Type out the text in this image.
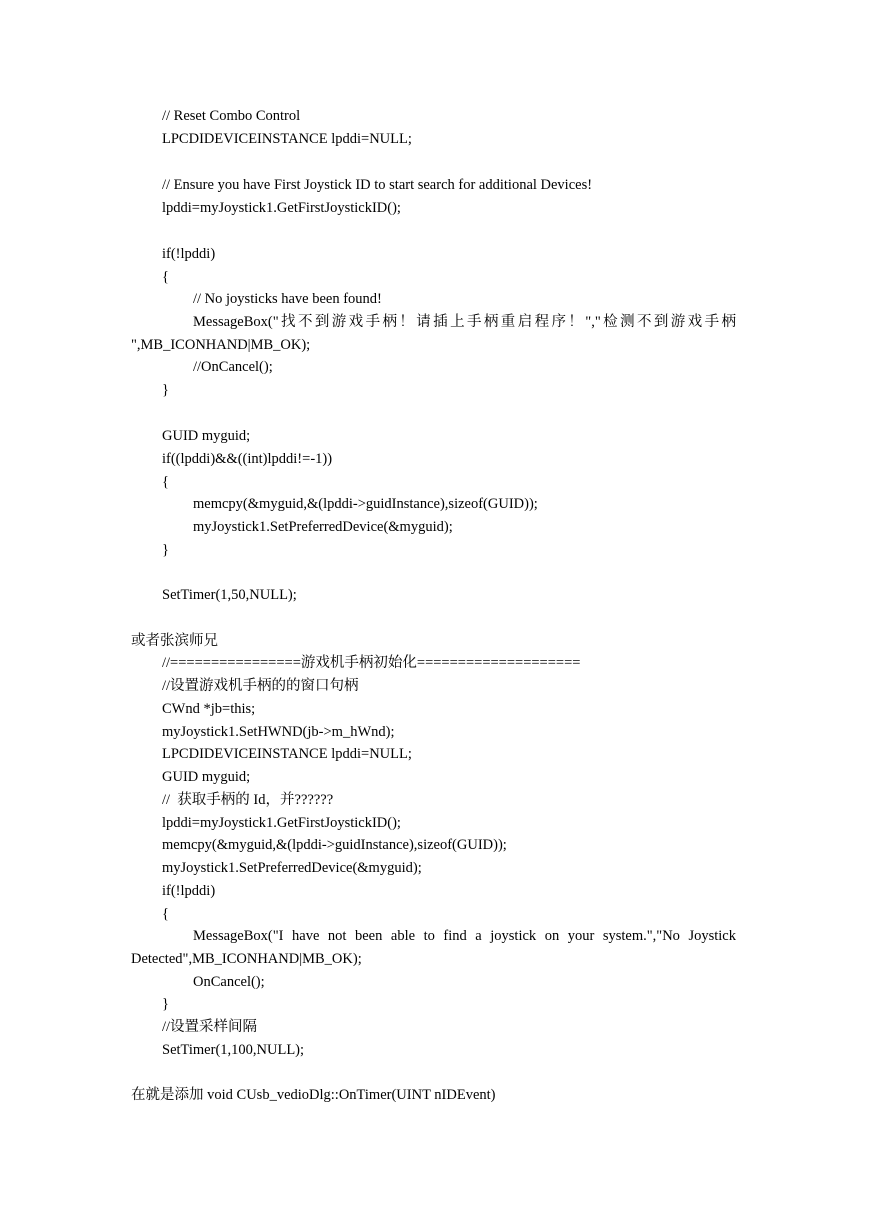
// Reset Combo Control
LPCDIDEVICEINSTANCE lpddi=NULL;
// Ensure you have First Joystick ID to start search for additional Devices!
lpddi=myJoystick1.GetFirstJoystickID();
if(!lpddi)
{
// No joysticks have been found!
MessageBox("找不到游戏手柄！请插上手柄重启程序！","检测不到游戏手柄
",MB_ICONHAND|MB_OK);
//OnCancel();
}
GUID myguid;
if((lpddi)&&((int)lpddi!=-1))
{
memcpy(&myguid,&(lpddi->guidInstance),sizeof(GUID));
myJoystick1.SetPreferredDevice(&myguid);
}
SetTimer(1,50,NULL);
或者张滨师兄
//================游戏机手柄初始化====================
//设置游戏机手柄的的窗口句柄
CWnd *jb=this;
myJoystick1.SetHWND(jb->m_hWnd);
LPCDIDEVICEINSTANCE lpddi=NULL;
GUID myguid;
//  获取手柄的 Id，并??????
lpddi=myJoystick1.GetFirstJoystickID();
memcpy(&myguid,&(lpddi->guidInstance),sizeof(GUID));
myJoystick1.SetPreferredDevice(&myguid);
if(!lpddi)
{
MessageBox("I have not been able to find a joystick on your system.","No Joystick
Detected",MB_ICONHAND|MB_OK);
OnCancel();
}
//设置采样间隔
SetTimer(1,100,NULL);
在就是添加 void CUsb_vedioDlg::OnTimer(UINT nIDEvent)
